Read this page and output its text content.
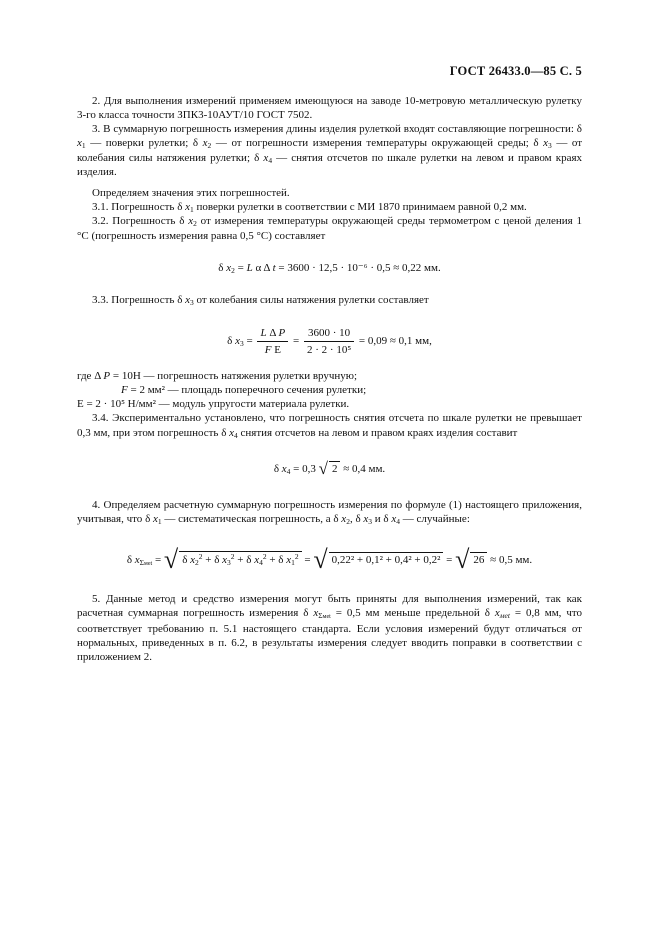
ГОСТ 26433.0—85 С. 5

2. Для выполнения измерений применяем имеющуюся на заводе 10-метровую металлическую рулетку 3-го класса точности ЗПК3-10АУТ/10 ГОСТ 7502.

3. В суммарную погрешность измерения длины изделия рулеткой входят составляющие погрешности: δ $x_1$ — поверки рулетки; δ $x_2$ — от погрешности измерения температуры окружающей среды; δ $x_3$ — от колебания силы натяжения рулетки; δ $x_4$ — снятия отсчетов по шкале рулетки на левом и правом краях изделия.

Определяем значения этих погрешностей.

3.1. Погрешность δ $x_1$ поверки рулетки в соответствии с МИ 1870 принимаем равной 0,2 мм.

3.2. Погрешность δ $x_2$ от измерения температуры окружающей среды термометром с ценой деления 1 °С (погрешность измерения равна 0,5 °С) составляет

δ $x_2 = L$ α Δ t = 3600 · 12,5 · 10⁻⁶ · 0,5 ≈ 0,22 мм.

3.3. Погрешность δ $x_3$ от колебания силы натяжения рулетки составляет

δ $x_3 = \frac{\text{L Δ P}}{\text{F Е}} = \frac{3600 \cdot 10}{\text{2 · 2 · 10⁵}} = 0,09 \approx 0,1$ мм,
где Δ P = 10Н — погрешность натяжения рулетки вручную;
F = 2 мм² — площадь поперечного сечения рулетки;
Е = 2 · 10⁵ Н/мм² — модуль упругости материала рулетки.

3.4. Экспериментально установлено, что погрешность снятия отсчета по шкале рулетки не превышает 0,3 мм, при этом погрешность δ $x_4$ снятия отсчетов на левом и правом краях изделия составит

δ $x_4 = 0,3$ √ 2 ≈ 0,4 мм.

4. Определяем расчетную суммарную погрешность измерения по формуле (1) настоящего приложения, учитывая, что δ $x_1$ — систематическая погрешность, а δ $x_2$, δ $x_3$ и δ $x_4$ — случайные:

δ $x_{\Sigma меt}$ = √ δ $x_2^2 + \delta$ $x_3^2 + \delta$ $x_4^2 + \delta$ $x_1^2$ = √ 0,22² + 0,1² + 0,4² + 0,2² = √ 26 ≈ 0,5 мм.

5. Данные метод и средство измерения могут быть приняты для выполнения измерений, так как расчетная суммарная погрешность измерения δ $x_{\Sigma меt} = 0,5$ мм меньше предельной δ $x_{меt} = 0,8$ мм, что соответствует требованию п. 5.1 настоящего стандарта. Если условия измерений будут отличаться от нормальных, приведенных в п. 6.2, в результаты измерения следует вводить поправки в соответствии с приложением 2.
